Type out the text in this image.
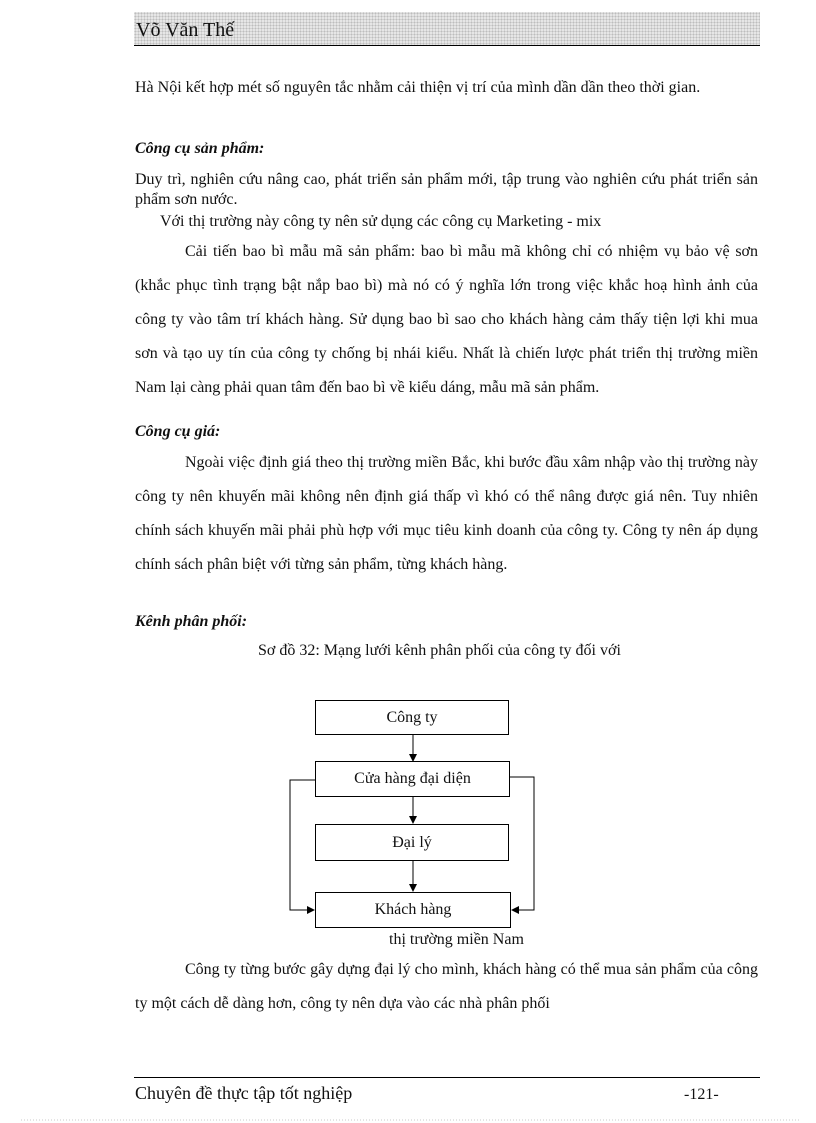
Võ Văn Thế

Hà Nội kết hợp mét số nguyên tắc nhằm cải thiện vị trí của mình dần dần theo thời gian.

Công cụ sản phẩm:

Duy trì, nghiên cứu nâng cao, phát triển sản phẩm mới, tập trung vào nghiên cứu phát triển sản phẩm sơn nước.

Với thị trường này công ty nên sử dụng các công cụ Marketing - mix

Cải tiến bao bì mẫu mã sản phẩm: bao bì mẫu mã không chỉ có nhiệm vụ bảo vệ sơn (khắc phục tình trạng bật nắp bao bì) mà nó có ý nghĩa lớn trong việc khắc hoạ hình ảnh của công ty vào tâm trí khách hàng. Sử dụng bao bì sao cho khách hàng cảm thấy tiện lợi khi mua sơn và tạo uy tín của công ty chống bị nhái kiểu. Nhất là chiến lược phát triển thị trường miền Nam lại càng phải quan tâm đến bao bì về kiểu dáng, mẫu mã sản phẩm.

Công cụ giá:

Ngoài việc định giá theo thị trường miền Bắc, khi bước đầu xâm nhập vào thị trường này công ty nên khuyến mãi không nên định giá thấp vì khó có thể nâng được giá nên. Tuy nhiên chính sách khuyến mãi phải phù hợp với mục tiêu kinh doanh của công ty. Công ty nên áp dụng chính sách phân biệt với từng sản phẩm, từng khách hàng.

Kênh phân phối:
Sơ đồ 32: Mạng lưới kênh phân phối của công ty đối với
Công ty
Cửa hàng đại diện
Đại lý
Khách hàng
thị trường miền Nam

Công ty từng bước gây dựng đại lý cho mình, khách hàng có thể mua sản phẩm của công ty một cách dễ dàng hơn, công ty nên dựa vào các nhà phân phối

Chuyên đề thực tập tốt nghiệp	-121-
